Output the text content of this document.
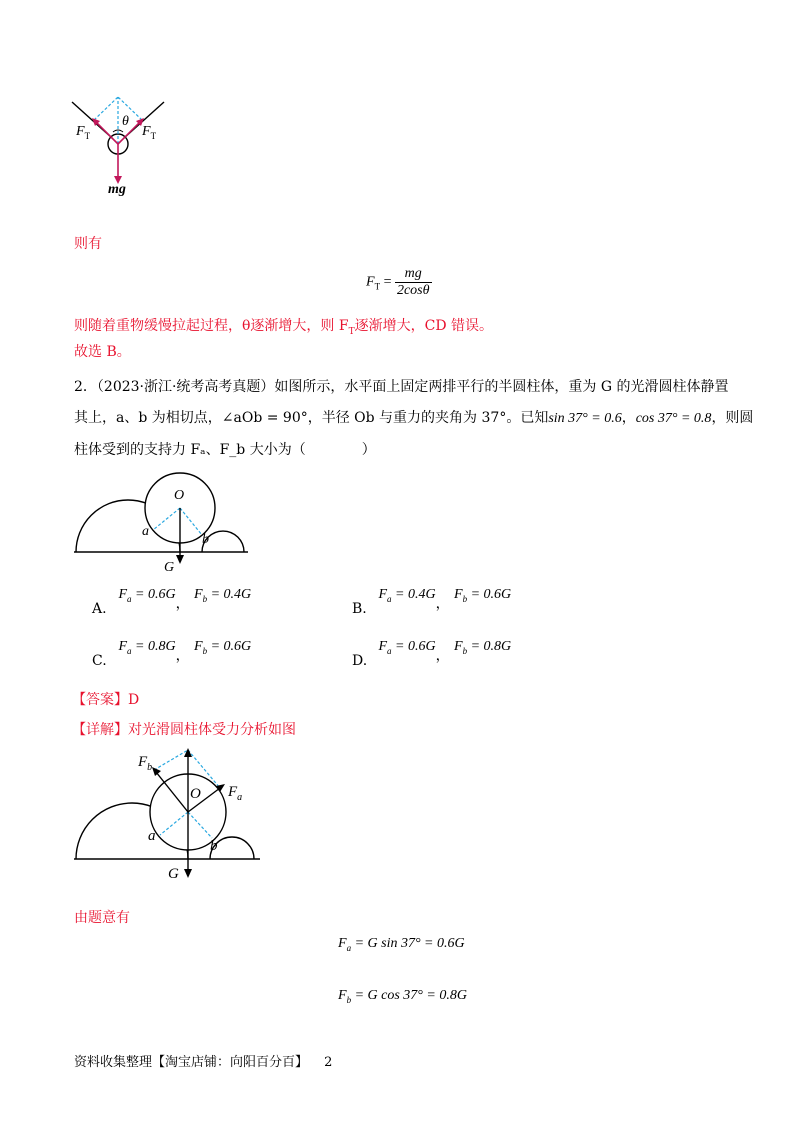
$F_T$	$F_T$
θ
mg
则有
$F_T = \frac{mg}{2\cos\theta}$
则随着重物缓慢拉起过程，θ逐渐增大，则 $F_T$逐渐增大，CD 错误。
故选 B。
2．（2023·浙江·统考高考真题）如图所示，水平面上固定两排平行的半圆柱体，重为 G 的光滑圆柱体静置
其上，a、b 为相切点，∠aOb = 90°，半径 Ob 与重力的夹角为 37°。已知sin 37° = 0.6，cos 37° = 0.8，则圆
柱体受到的支持力 Fₐ、F_b 大小为（　　　　）
O
a
b
G
A. $F_a = 0.6G$， $F_b = 0.4G$
B. $F_a = 0.4G$， $F_b = 0.6G$
C. $F_a = 0.8G$， $F_b = 0.6G$
D. $F_a = 0.6G$， $F_b = 0.8G$
【答案】D
【详解】对光滑圆柱体受力分析如图
$F_b$
$F_a$
O
a
b
G
由题意有
$F_a = G$ sin 37° = 0.6G
$F_b = G$ cos 37° = 0.8G
资料收集整理【淘宝店铺：向阳百分百】 2
